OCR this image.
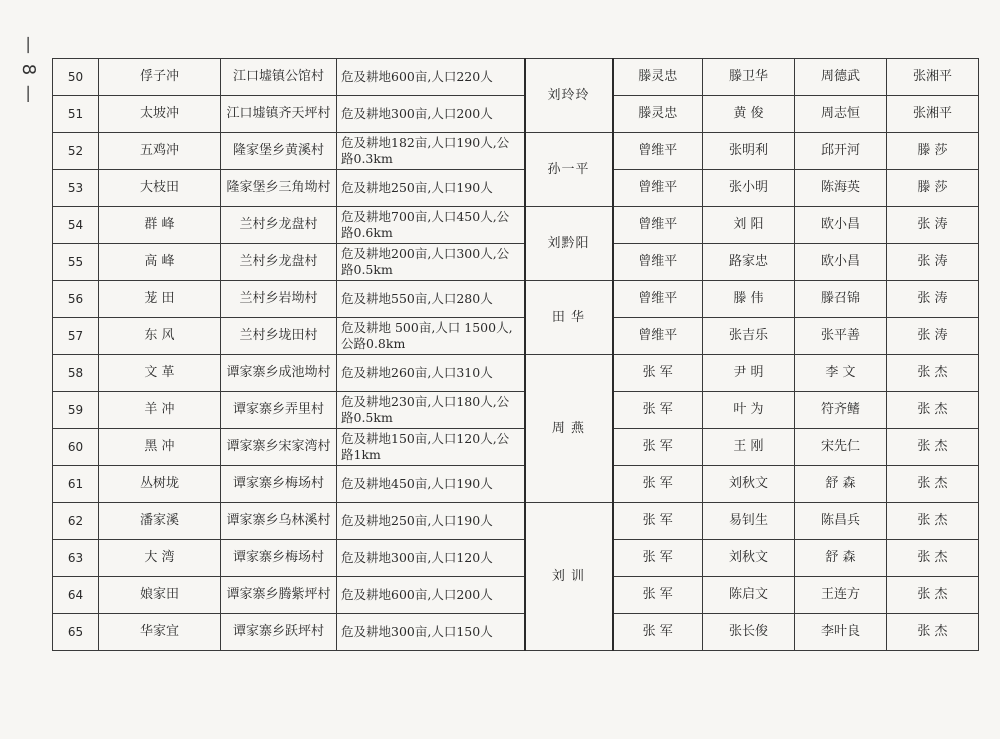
— 8 — 50	俘子冲	江口墟镇公馆村	危及耕地600亩,人口220人	刘玲玲	滕灵忠	滕卫华	周德武	张湘平
51	太坡冲	江口墟镇齐天坪村	危及耕地300亩,人口200人		滕灵忠	黄 俊	周志恒	张湘平
52	五鸡冲	隆家堡乡黄溪村	危及耕地182亩,人口190人,公路0.3km	孙一平	曾维平	张明利	邱开河	滕 莎
53	大枝田	隆家堡乡三角坳村	危及耕地250亩,人口190人		曾维平	张小明	陈海英	滕 莎
54	群 峰	兰村乡龙盘村	危及耕地700亩,人口450人,公路0.6km	刘黔阳	曾维平	刘 阳	欧小昌	张 涛
55	高 峰	兰村乡龙盘村	危及耕地200亩,人口300人,公路0.5km		曾维平	路家忠	欧小昌	张 涛
56	茏 田	兰村乡岩坳村	危及耕地550亩,人口280人	田 华	曾维平	滕 伟	滕召锦	张 涛
57	东 风	兰村乡垅田村	危及耕地 500亩,人口 1500人,公路0.8km		曾维平	张吉乐	张平善	张 涛
58	文 革	谭家寨乡成池坳村	危及耕地260亩,人口310人	周 燕	张 军	尹 明	李 文	张 杰
59	羊 冲	谭家寨乡弄里村	危及耕地230亩,人口180人,公路0.5km		张 军	叶 为	符齐鳍	张 杰
60	黑 冲	谭家寨乡宋家湾村	危及耕地150亩,人口120人,公路1km		张 军	王 刚	宋先仁	张 杰
61	丛树垅	谭家寨乡梅场村	危及耕地450亩,人口190人		张 军	刘秋文	舒 森	张 杰
62	潘家溪	谭家寨乡乌林溪村	危及耕地250亩,人口190人	刘 训	张 军	易钊生	陈昌兵	张 杰
63	大 湾	谭家寨乡梅场村	危及耕地300亩,人口120人		张 军	刘秋文	舒 森	张 杰
64	娘家田	谭家寨乡腾紫坪村	危及耕地600亩,人口200人		张 军	陈启文	王连方	张 杰
65	华家宜	谭家寨乡跃坪村	危及耕地300亩,人口150人		张 军	张长俊	李叶良	张 杰
